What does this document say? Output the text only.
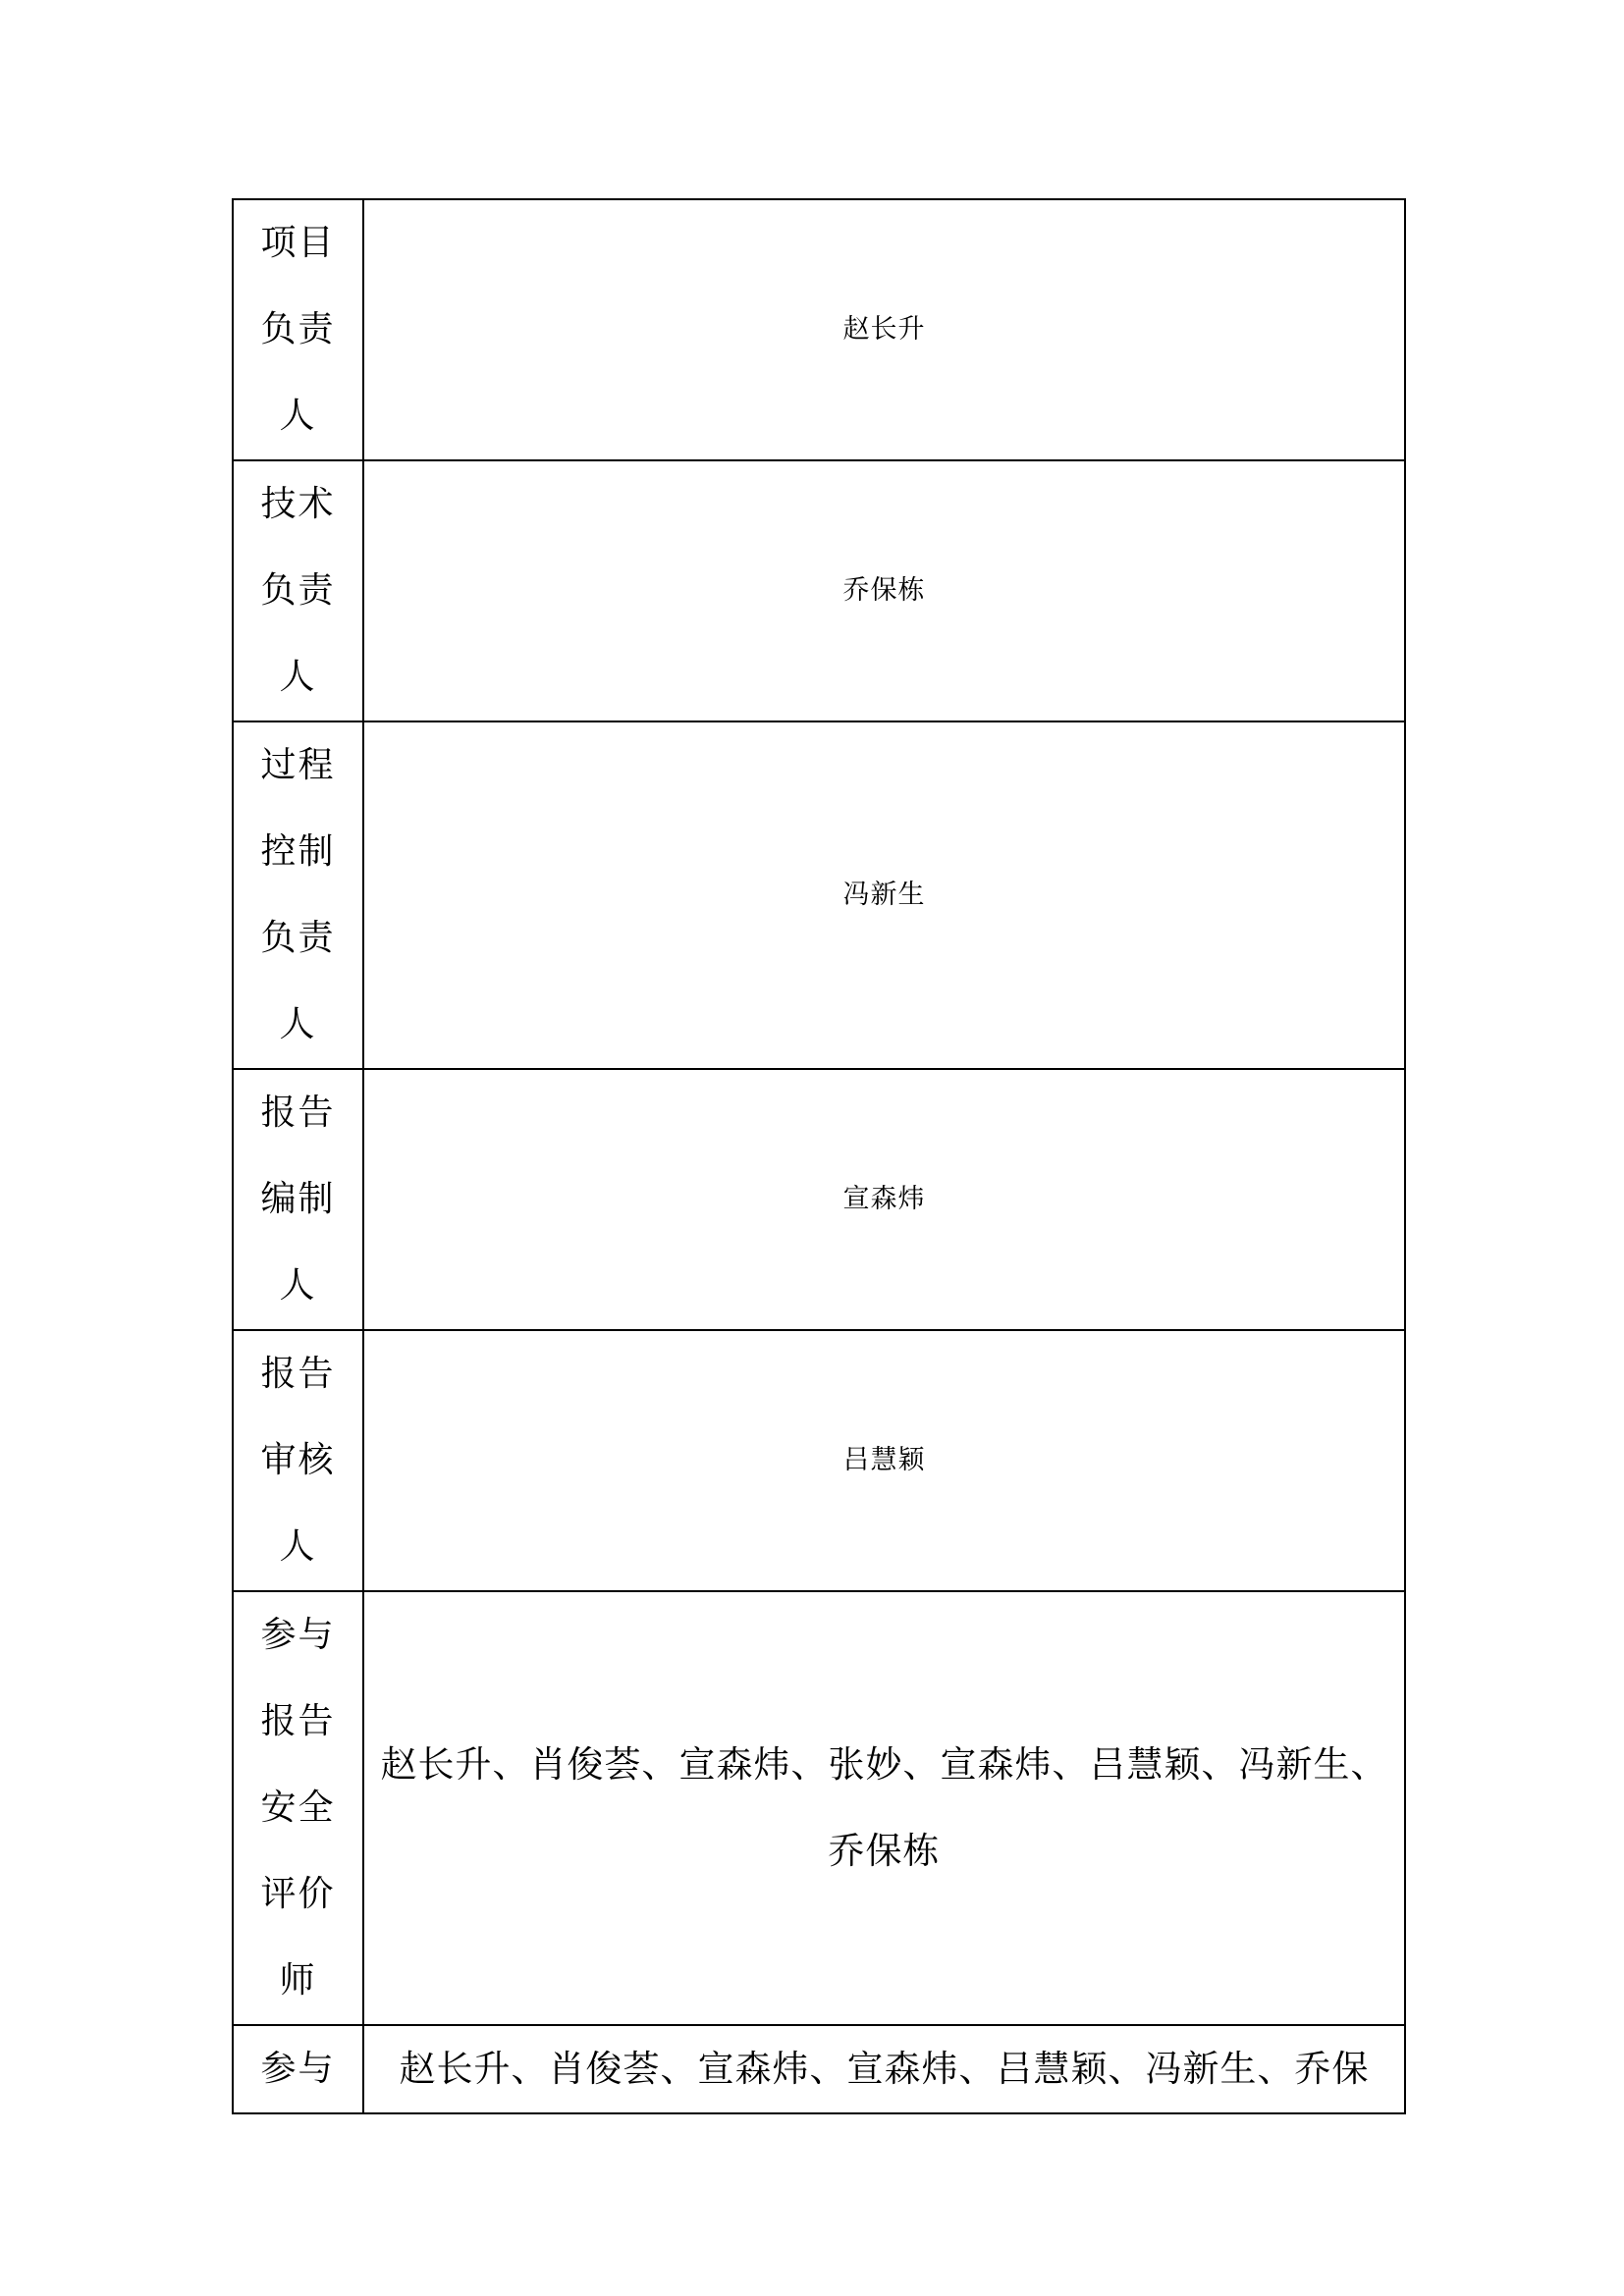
项目负责人	赵长升

技术负责人	乔保栋

过程控制负责人	冯新生

报告编制人	宣森炜

报告审核人	吕慧颖

参与报告安全评价师	赵长升、肖俊荟、宣森炜、张妙、宣森炜、吕慧颖、冯新生、乔保栋

参与	赵长升、肖俊荟、宣森炜、宣森炜、吕慧颖、冯新生、乔保
